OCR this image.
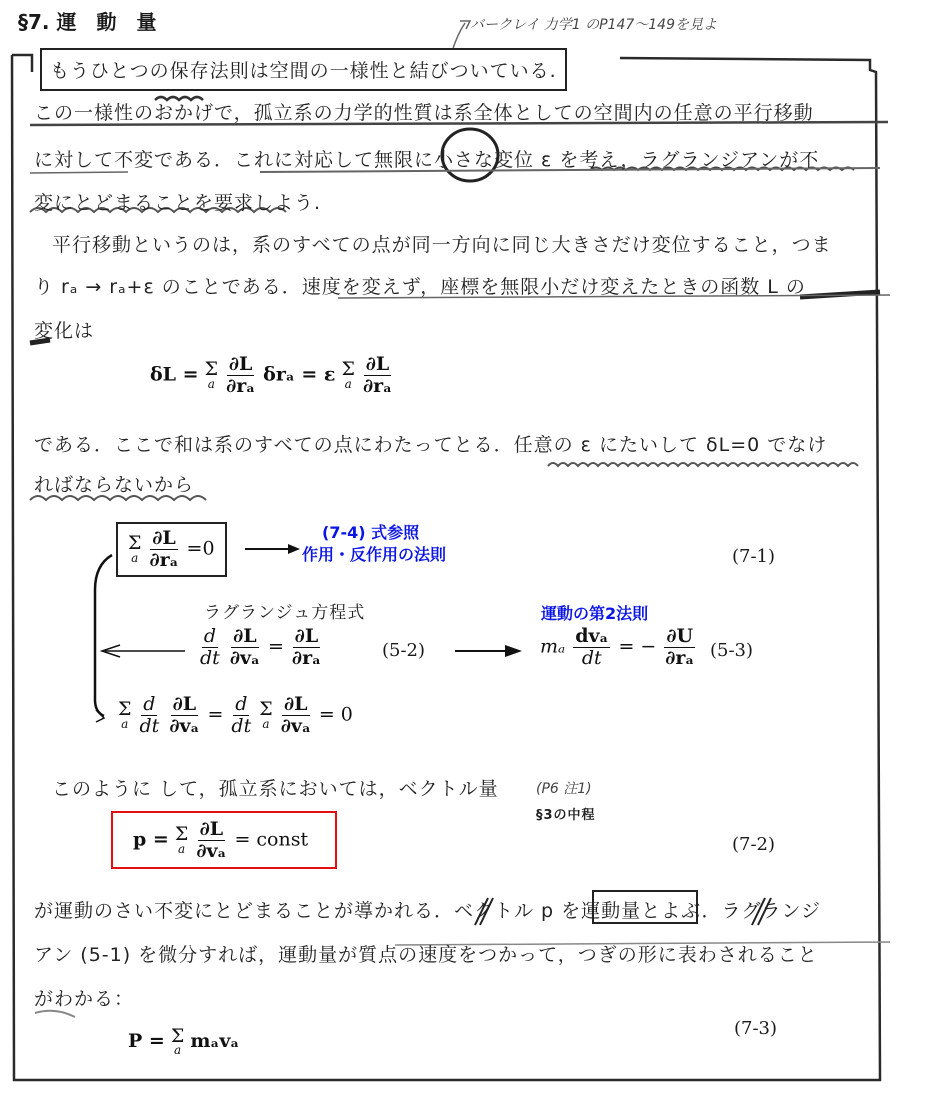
§7. 運　動　量	バークレイ 力学1 のP147～149を見よ
もうひとつの保存法則は空間の一様性と結びついている.
この一様性のおかげで，孤立系の力学的性質は系全体としての空間内の任意の平行移動
に対して不変である．これに対応して無限に小さな変位 ε を考え，ラグランジアンが不
変にとどまることを要求しよう.
平行移動というのは，系のすべての点が同一方向に同じ大きさだけ変位すること，つま
り rₐ → rₐ+ε のことである．速度を変えず，座標を無限小だけ変えたときの函数 L の
変化は
δL = Σ
a
$\frac{\partial L}{\text{∂rₐ}}$ δrₐ = ε Σ
a
$\frac{\partial L}{\text{∂rₐ}}$
である．ここで和は系のすべての点にわたってとる．任意の ε にたいして δL=0 でなけ
ればならないから
Σ
a
$\frac{\partial L}{\text{∂rₐ}} =0$
(7-4) 式参照
作用・反作用の法則	(7-1)
ラグランジュ方程式
$\frac{d}{dt}$
$\frac{\partial L}{\text{∂vₐ}} = \frac{\partial L}{\text{∂rₐ}}$	(5-2)
運動の第2法則
mₐ $\frac{\text{dvₐ}}{dt}$ = − $\frac{\partial U}{\text{∂rₐ}} (5-3)$
Σ
a
$\frac{d}{dt}$
$\frac{\partial L}{\text{∂vₐ}} = \frac{d}{dt}$
Σ
a
$\frac{\partial L}{\text{∂vₐ}} = 0$
このように して，孤立系においては，ベクトル量	(P6 注1)
§3の中程
p = Σ
a
$\frac{\partial L}{\text{∂vₐ}}$ = const	(7-2)
が運動のさい不変にとどまることが導かれる．ベクトル p を運動量とよぶ．ラグランジ
アン (5-1) を微分すれば，運動量が質点の速度をつかって，つぎの形に表わされること
がわかる：
P = Σ
a mₐvₐ
(7-3)
